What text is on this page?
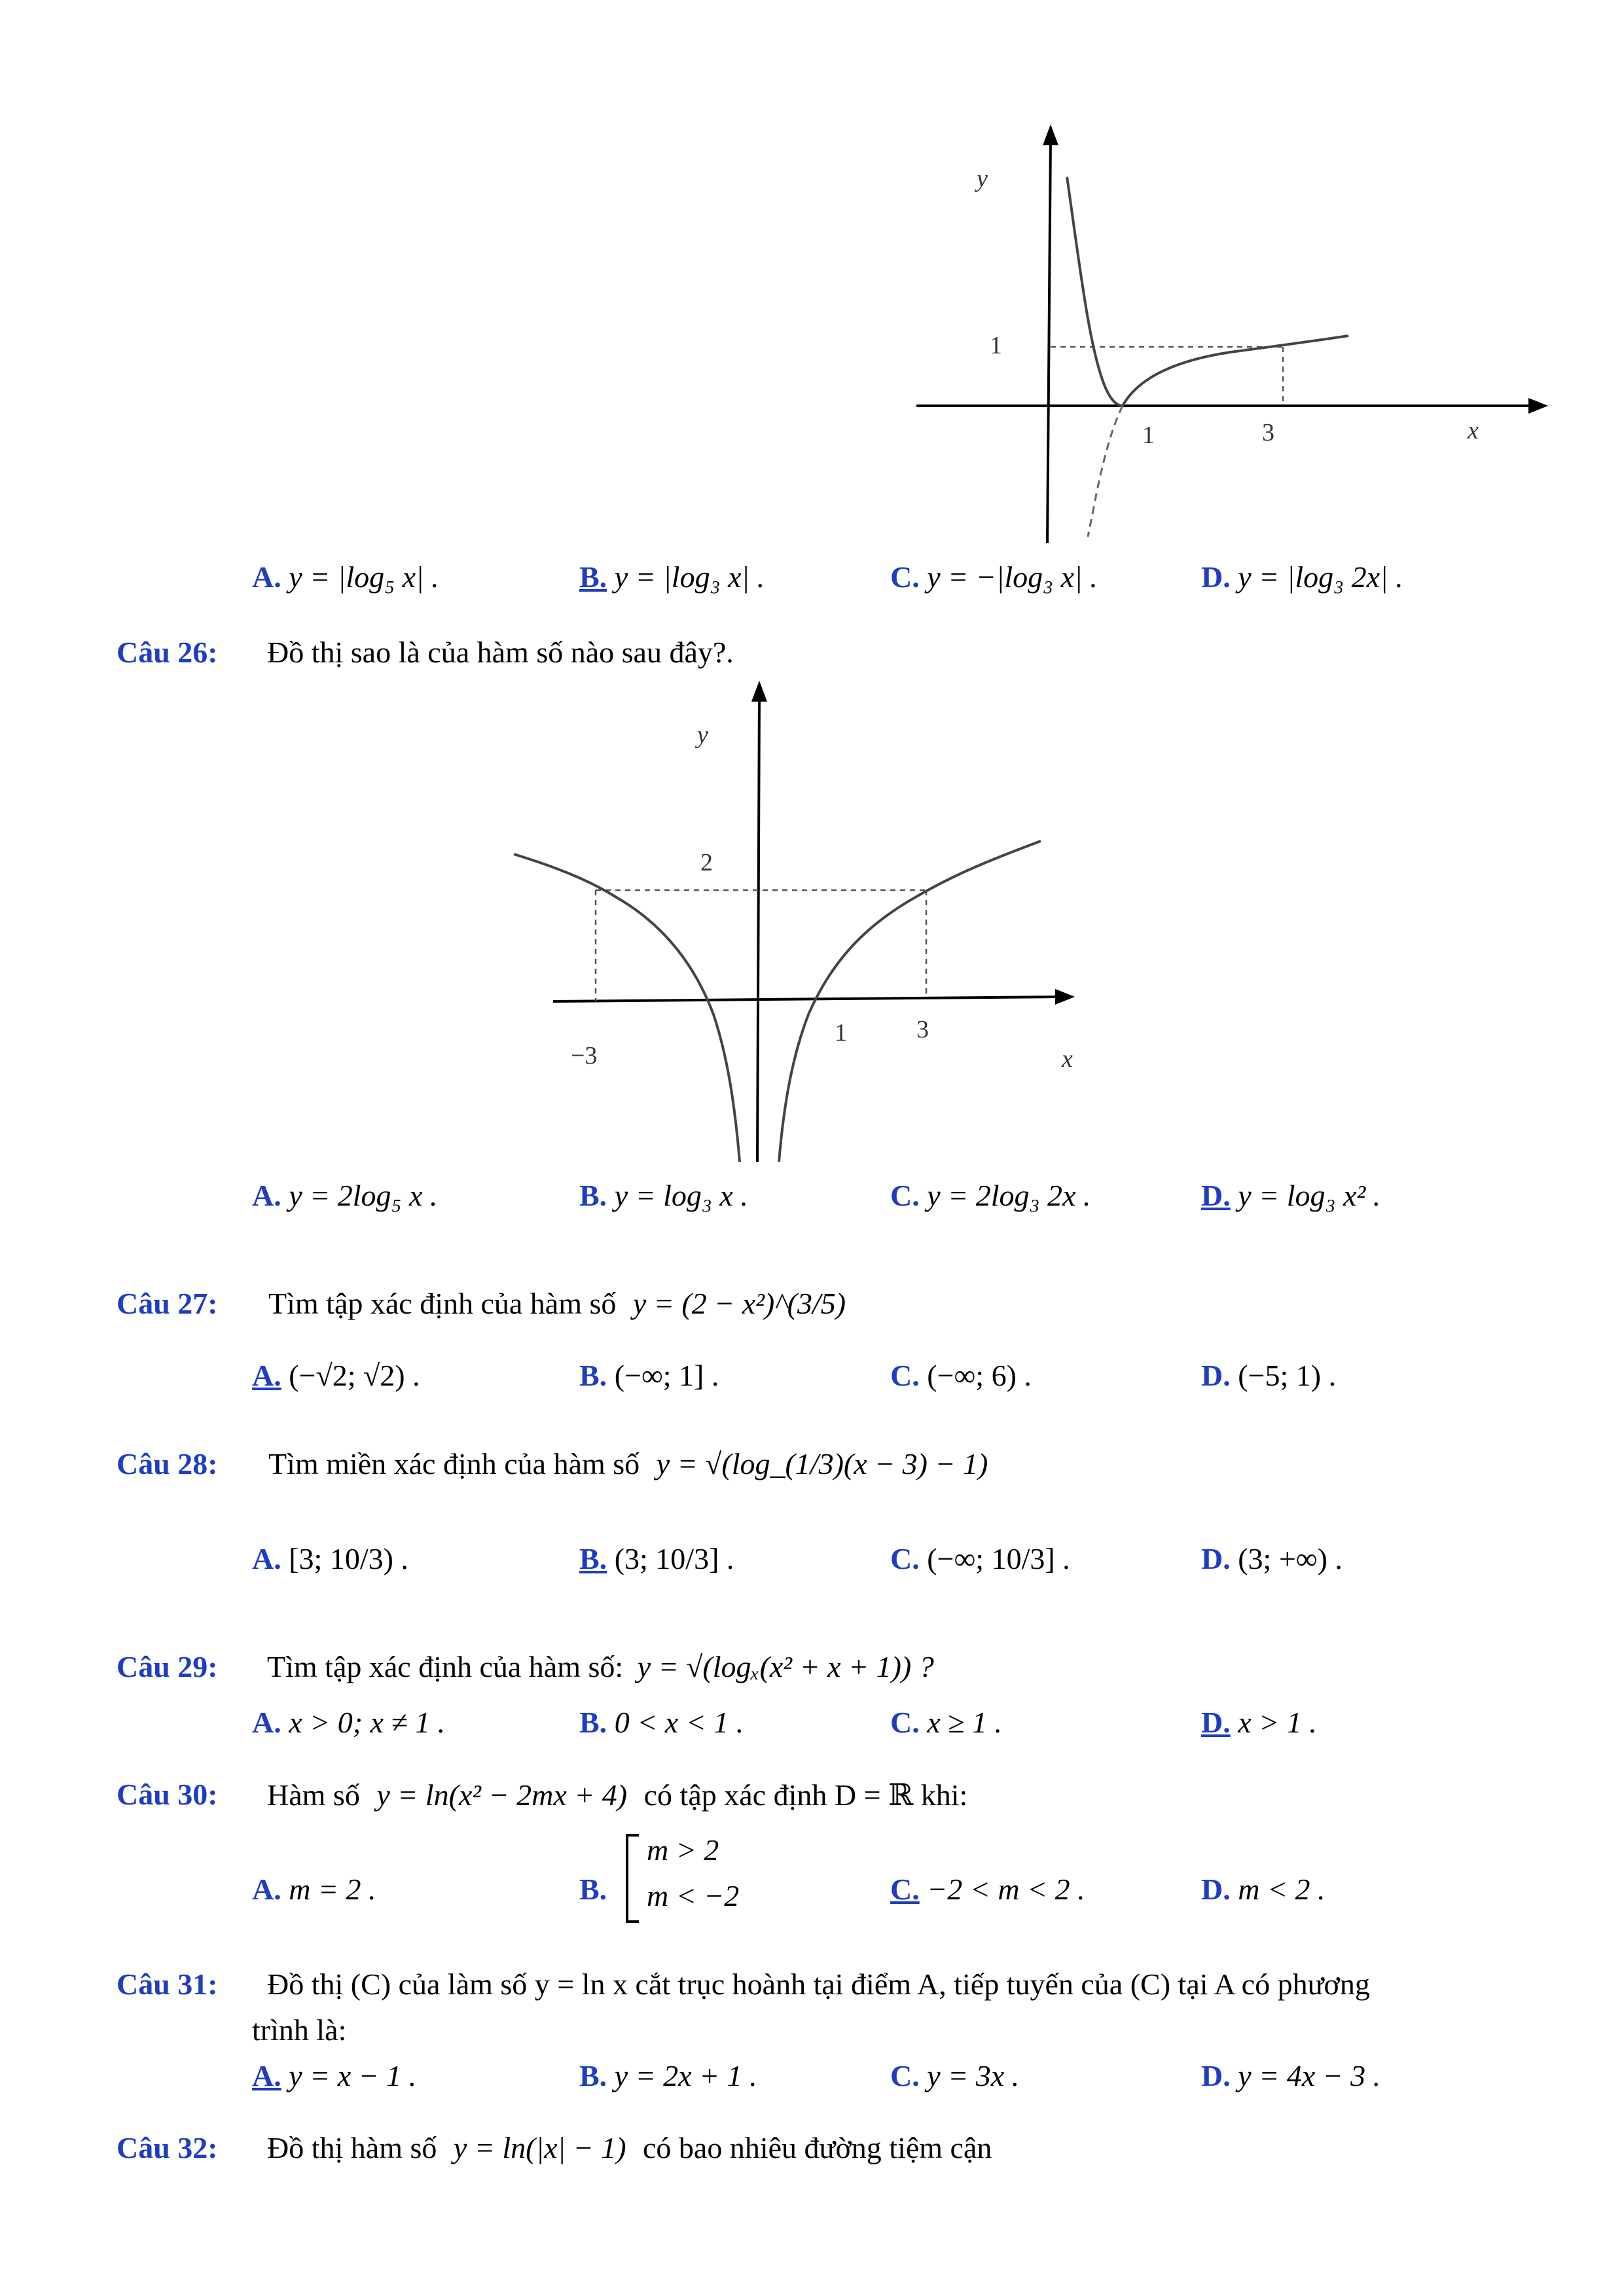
y
x
1
1	3
A. y = |log₅ x| .	B. y = |log₃ x| .	C. y = −|log₃ x| .	D. y = |log₃ 2x| .
Câu 26: Đồ thị sao là của hàm số nào sau đây?.
y
x
2
−3
1	3
A. y = 2log₅ x .	B. y = log₃ x .	C. y = 2log₃ 2x .	D. y = log₃ x² .
Câu 27: Tìm tập xác định của hàm số y = (2 − x²)^(3/5)
A. (−√2; √2) .	B. (−∞; 1] .	C. (−∞; 6) .	D. (−5; 1) .
Câu 28: Tìm miền xác định của hàm số y = √(log_(1/3)(x − 3) − 1)
A. [3; 10/3) .	B. (3; 10/3] .	C. (−∞; 10/3] .	D. (3; +∞) .
Câu 29: Tìm tập xác định của hàm số: y = √(logₓ(x² + x + 1)) ?
A. x > 0; x ≠ 1 .	B. 0 < x < 1 .	C. x ≥ 1 .	D. x > 1 .
Câu 30: Hàm số y = ln(x² − 2mx + 4) có tập xác định D = ℝ khi:
A. m = 2 .	B.
m > 2
m < −2	C. −2 < m < 2 .	D. m < 2 .
Câu 31: Đồ thị (C) của làm số y = ln x cắt trục hoành tại điểm A, tiếp tuyến của (C) tại A có phương
trình là:
A. y = x − 1 .	B. y = 2x + 1 .	C. y = 3x .	D. y = 4x − 3 .
Câu 32: Đồ thị hàm số y = ln(|x| − 1) có bao nhiêu đường tiệm cận
